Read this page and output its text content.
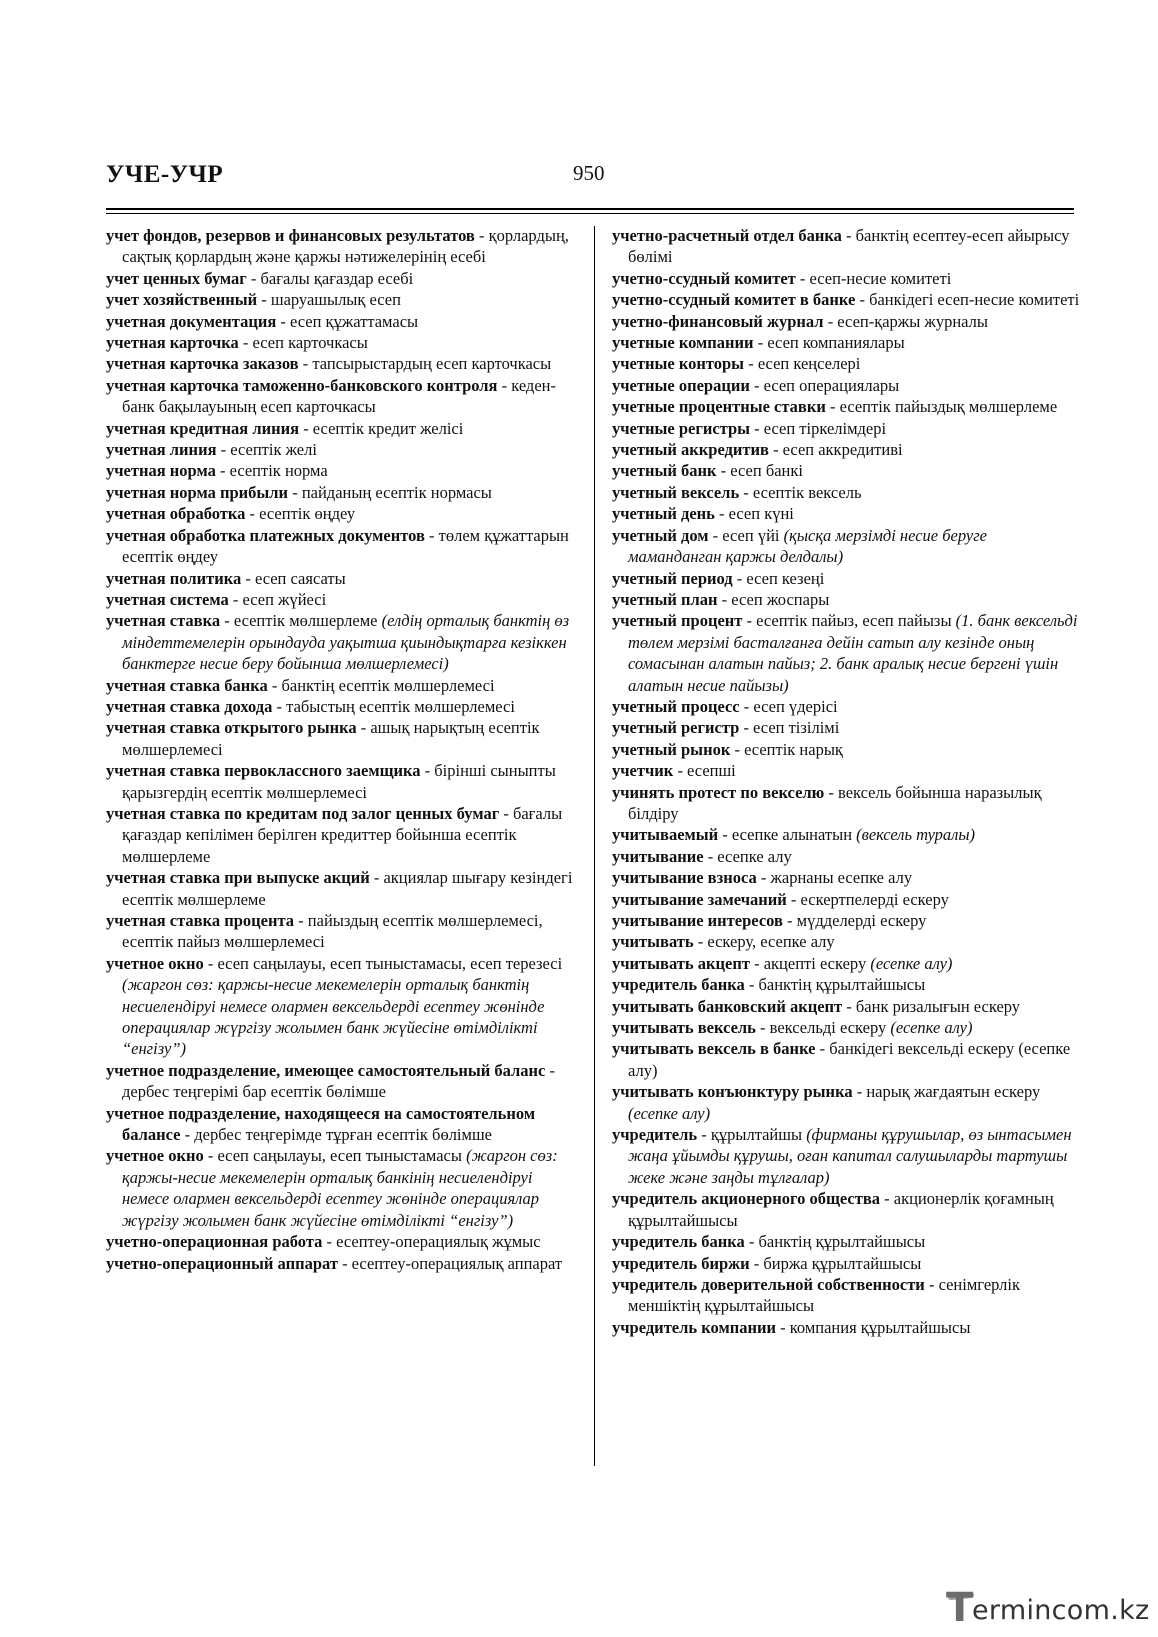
УЧЕ-УЧР	950
учет фондов, резервов и финансовых результатов - қорлардың, сақтық қорлардың және қаржы нәтижелерінің есебі
учет ценных бумаг - бағалы қағаздар есебі
учет хозяйственный - шаруашылық есеп
учетная документация - есеп құжаттамасы
учетная карточка - есеп карточкасы
учетная карточка заказов - тапсырыстардың есеп карточкасы
учетная карточка таможенно-банковского контроля - кеден-банк бақылауының есеп карточкасы
учетная кредитная линия - есептік кредит желісі
учетная линия - есептік желі
учетная норма - есептік норма
учетная норма прибыли - пайданың есептік нормасы
учетная обработка - есептік өңдеу
учетная обработка платежных документов - төлем құжаттарын есептік өңдеу
учетная политика - есеп саясаты
учетная система - есеп жүйесі
учетная ставка - есептік мөлшерлеме (елдің орталық банктің өз міндеттемелерін орындауда уақытша қиындықтарға кезіккен банктерге несие беру бойынша мөлшерлемесі)
учетная ставка банка - банктің есептік мөлшерлемесі
учетная ставка дохода - табыстың есептік мөлшерлемесі
учетная ставка открытого рынка - ашық нарықтың есептік мөлшерлемесі
учетная ставка первоклассного заемщика - бірінші сыныпты қарызгердің есептік мөлшерлемесі
учетная ставка по кредитам под залог ценных бумаг - бағалы қағаздар кепілімен берілген кредиттер бойынша есептік мөлшерлеме
учетная ставка при выпуске акций - акциялар шығару кезіндегі есептік мөлшерлеме
учетная ставка процента - пайыздың есептік мөлшерлемесі, есептік пайыз мөлшерлемесі
учетное окно - есеп саңылауы, есеп тыныстамасы, есеп терезесі (жаргон сөз: қаржы-несие мекемелерін орталық банктің несиелендіруі немесе олармен вексельдерді есептеу жөнінде операциялар жүргізу жолымен банк жүйесіне өтімділікті “енгізу”)
учетное подразделение, имеющее самостоятельный баланс - дербес теңгерімі бар есептік бөлімше
учетное подразделение, находящееся на самостоятельном балансе - дербес теңгерімде тұрған есептік бөлімше
учетное окно - есеп саңылауы, есеп тыныстамасы (жаргон сөз: қаржы-несие мекемелерін орталық банкінің несиелендіруі немесе олармен вексельдерді есептеу жөнінде операциялар жүргізу жолымен банк жүйесіне өтімділікті “енгізу”)
учетно-операционная работа - есептеу-операциялық жұмыс
учетно-операционный аппарат - есептеу-операциялық аппарат
учетно-расчетный отдел банка - банктің есептеу-есеп айырысу бөлімі
учетно-ссудный комитет - есеп-несие комитеті
учетно-ссудный комитет в банке - банкідегі есеп-несие комитеті
учетно-финансовый журнал - есеп-қаржы журналы
учетные компании - есеп компаниялары
учетные конторы - есеп кеңселері
учетные операции - есеп операциялары
учетные процентные ставки - есептік пайыздық мөлшерлеме
учетные регистры - есеп тіркелімдері
учетный аккредитив - есеп аккредитиві
учетный банк - есеп банкі
учетный вексель - есептік вексель
учетный день - есеп күні
учетный дом - есеп үйі (қысқа мерзімді несие беруге маманданган қаржы делдалы)
учетный период - есеп кезеңі
учетный план - есеп жоспары
учетный процент - есептік пайыз, есеп пайызы (1. банк вексельді төлем мерзімі басталғанға дейін сатып алу кезінде оның сомасынан алатын пайыз; 2. банк аралық несие бергені үшін алатын несие пайызы)
учетный процесс - есеп үдерісі
учетный регистр - есеп тізілімі
учетный рынок - есептік нарық
учетчик - есепші
учинять протест по векселю - вексель бойынша наразылық білдіру
учитываемый - есепке алынатын (вексель туралы)
учитывание - есепке алу
учитывание взноса - жарнаны есепке алу
учитывание замечаний - ескертпелерді ескеру
учитывание интересов - мүдделерді ескеру
учитывать - ескеру, есепке алу
учитывать акцепт - акцепті ескеру (есепке алу)
учредитель банка - банктің құрылтайшысы
учитывать банковский акцепт - банк ризалығын ескеру
учитывать вексель - вексельді ескеру (есепке алу)
учитывать вексель в банке - банкідегі вексельді ескеру (есепке алу)
учитывать конъюнктуру рынка - нарық жағдаятын ескеру (есепке алу)
учредитель - құрылтайшы (фирманы құрушылар, өз ынтасымен жаңа ұйымды құрушы, оған капитал салушыларды тартушы жеке және заңды тұлғалар)
учредитель акционерного общества - акционерлік қоғамның құрылтайшысы
учредитель банка - банктің құрылтайшысы
учредитель биржи - биржа құрылтайшысы
учредитель доверительной собственности - сенімгерлік меншіктің құрылтайшысы
учредитель компании - компания құрылтайшысы
T
ermincom.kz
